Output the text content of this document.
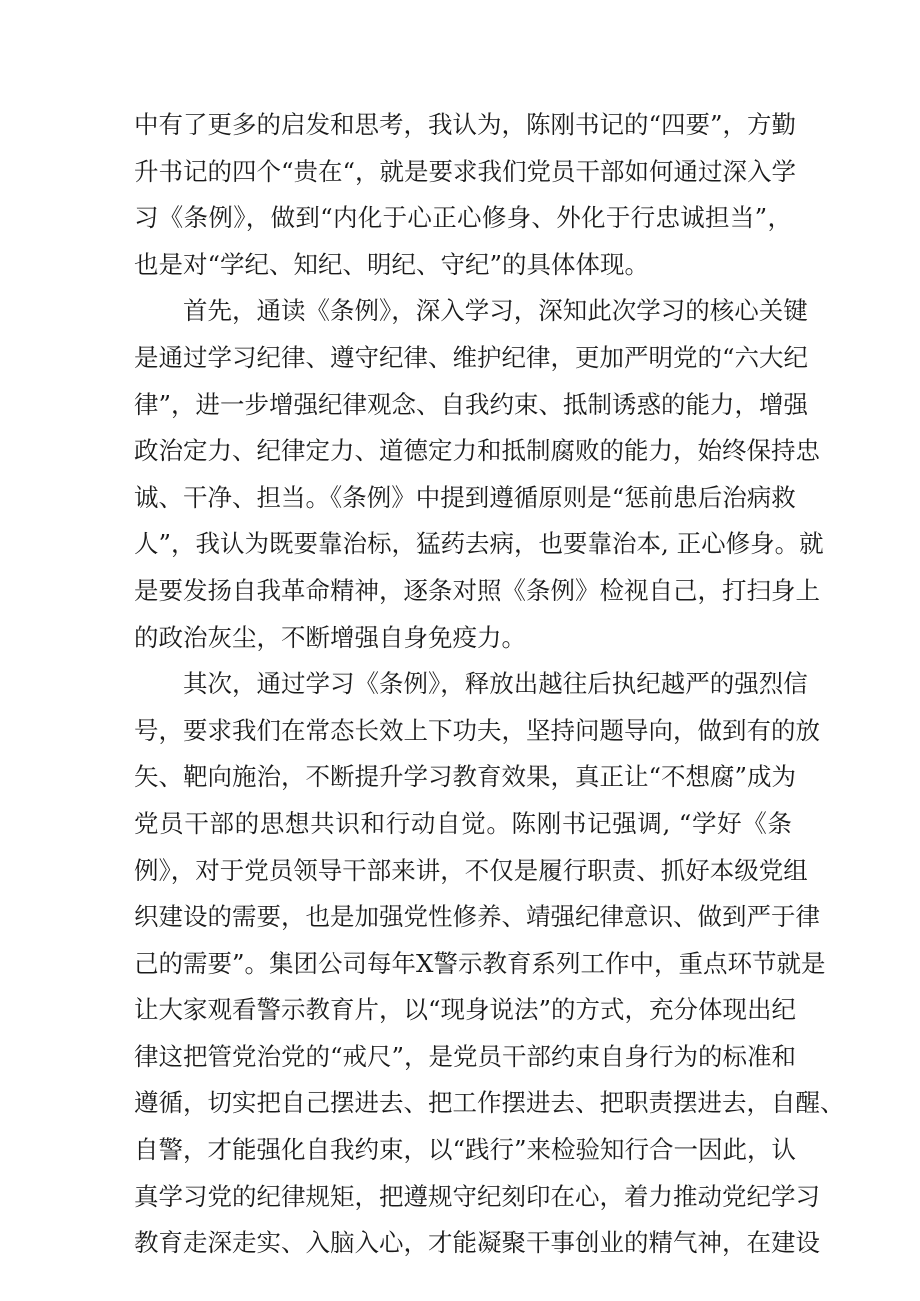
中有了更多的启发和思考，我认为，陈刚书记的“四要”，方勤
升书记的四个“贵在“，就是要求我们党员干部如何通过深入学
习《条例》，做到“内化于心正心修身、外化于行忠诚担当”，
也是对“学纪、知纪、明纪、守纪”的具体体现。
首先，通读《条例》，深入学习，深知此次学习的核心关键
是通过学习纪律、遵守纪律、维护纪律，更加严明党的“六大纪
律”，进一步增强纪律观念、自我约束、抵制诱惑的能力，增强
政治定力、纪律定力、道德定力和抵制腐败的能力，始终保持忠
诚、干净、担当。《条例》中提到遵循原则是“惩前患后治病救
人”，我认为既要靠治标，猛药去病，也要靠治本, 正心修身。就
是要发扬自我革命精神，逐条对照《条例》检视自己，打扫身上
的政治灰尘，不断增强自身免疫力。
其次，通过学习《条例》，释放出越往后执纪越严的强烈信
号，要求我们在常态长效上下功夫，坚持问题导向，做到有的放
矢、靶向施治，不断提升学习教育效果，真正让“不想腐”成为
党员干部的思想共识和行动自觉。陈刚书记强调, “学好《条
例》，对于党员领导干部来讲，不仅是履行职责、抓好本级党组
织建设的需要，也是加强党性修养、靖强纪律意识、做到严于律
己的需要”。集团公司每年X警示教育系列工作中，重点环节就是
让大家观看警示教育片，以“现身说法”的方式，充分体现出纪
律这把管党治党的“戒尺”，是党员干部约束自身行为的标准和
遵循，切实把自己摆进去、把工作摆进去、把职责摆进去，自醒、
自警，才能强化自我约束，以“践行”来检验知行合一因此，认
真学习党的纪律规矩，把遵规守纪刻印在心，着力推动党纪学习
教育走深走实、入脑入心，才能凝聚干事创业的精气神，在建设
